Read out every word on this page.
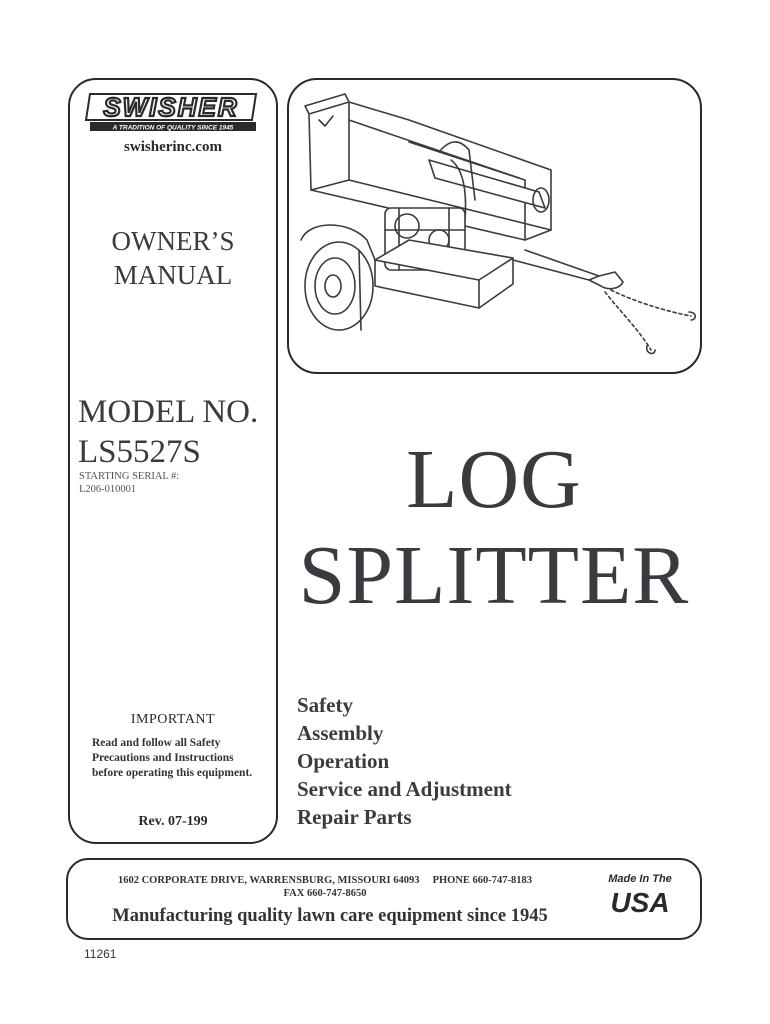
SWISHER
A TRADITION OF QUALITY SINCE 1945
swisherinc.com
OWNER’S
MANUAL
MODEL NO.
LS5527S
STARTING SERIAL #:
L206-010001	LOG
SPLITTER
IMPORTANT
Read and follow all Safety Precautions and Instructions before operating this equipment.
Rev. 07-199
Safety
Assembly
Operation
Service and Adjustment
Repair Parts
1602 CORPORATE DRIVE, WARRENSBURG, MISSOURI 64093     PHONE 660-747-8183
FAX 660-747-8650
Manufacturing quality lawn care equipment since 1945
Made In The
USA
11261
